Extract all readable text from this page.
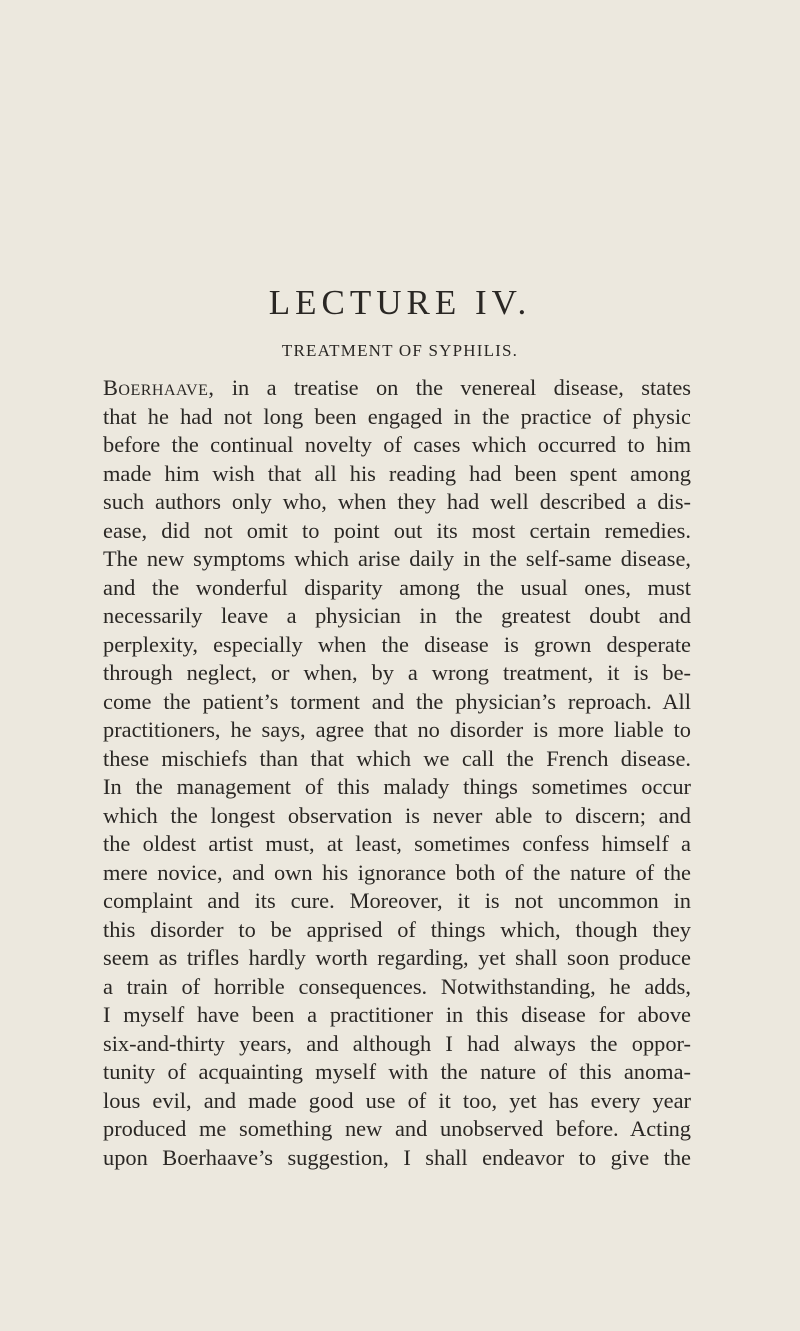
LECTURE IV.
TREATMENT OF SYPHILIS.
Boerhaave, in a treatise on the venereal disease, states
that he had not long been engaged in the practice of physic
before the continual novelty of cases which occurred to him
made him wish that all his reading had been spent among
such authors only who, when they had well described a dis-
ease, did not omit to point out its most certain remedies.
The new symptoms which arise daily in the self-same disease,
and the wonderful disparity among the usual ones, must
necessarily leave a physician in the greatest doubt and
perplexity, especially when the disease is grown desperate
through neglect, or when, by a wrong treatment, it is be-
come the patient’s torment and the physician’s reproach. All
practitioners, he says, agree that no disorder is more liable to
these mischiefs than that which we call the French disease.
In the management of this malady things sometimes occur
which the longest observation is never able to discern; and
the oldest artist must, at least, sometimes confess himself a
mere novice, and own his ignorance both of the nature of the
complaint and its cure. Moreover, it is not uncommon in
this disorder to be apprised of things which, though they
seem as trifles hardly worth regarding, yet shall soon produce
a train of horrible consequences. Notwithstanding, he adds,
I myself have been a practitioner in this disease for above
six-and-thirty years, and although I had always the oppor-
tunity of acquainting myself with the nature of this anoma-
lous evil, and made good use of it too, yet has every year
produced me something new and unobserved before. Acting
upon Boerhaave’s suggestion, I shall endeavor to give the
